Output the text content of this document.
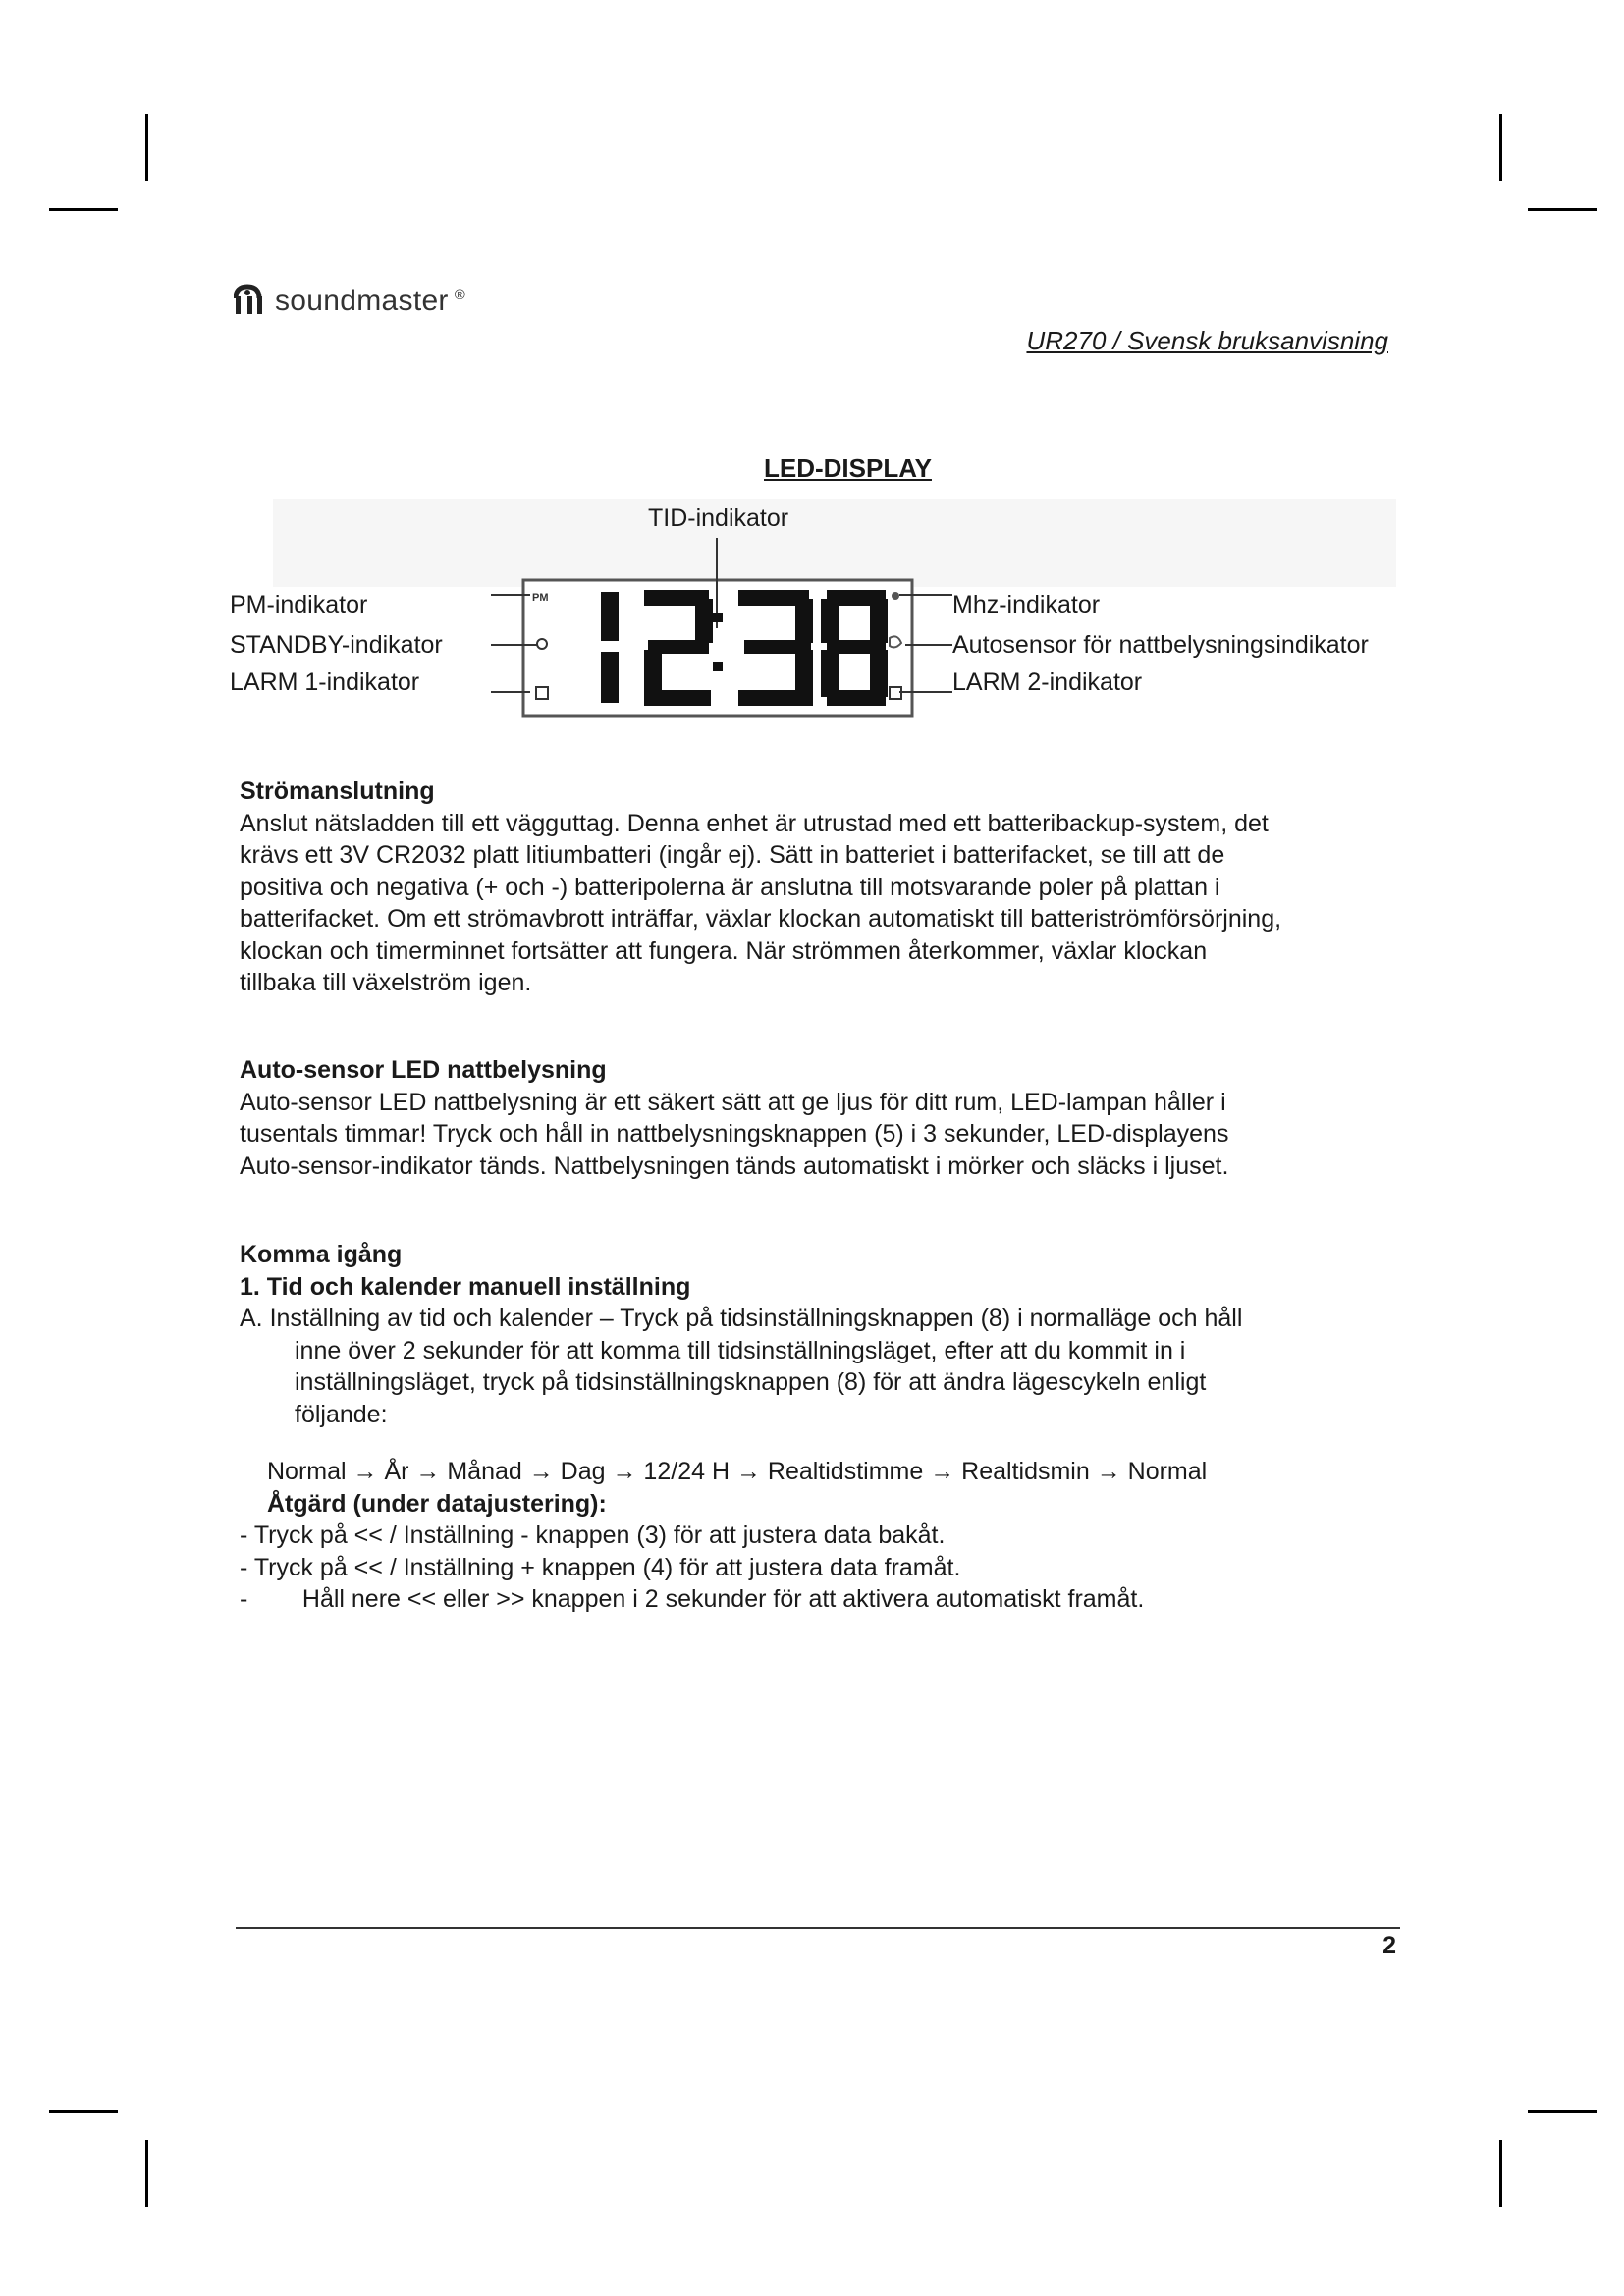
soundmaster ®
UR270 / Svensk bruksanvisning
LED-DISPLAY
TID-indikator
PM-indikator
STANDBY-indikator
LARM 1-indikator
Mhz-indikator
Autosensor för nattbelysningsindikator
LARM 2-indikator
PM
Strömanslutning

Anslut nätsladden till ett vägguttag. Denna enhet är utrustad med ett batteribackup-system, det

krävs ett 3V CR2032 platt litiumbatteri (ingår ej). Sätt in batteriet i batterifacket, se till att de

positiva och negativa (+ och -) batteripolerna är anslutna till motsvarande poler på plattan i

batterifacket. Om ett strömavbrott inträffar, växlar klockan automatiskt till batteriströmförsörjning,

klockan och timerminnet fortsätter att fungera. När strömmen återkommer, växlar klockan

tillbaka till växelström igen.

Auto-sensor LED nattbelysning

Auto-sensor LED nattbelysning är ett säkert sätt att ge ljus för ditt rum, LED-lampan håller i

tusentals timmar! Tryck och håll in nattbelysningsknappen (5) i 3 sekunder, LED-displayens

Auto-sensor-indikator tänds. Nattbelysningen tänds automatiskt i mörker och släcks i ljuset.

Komma igång
1. Tid och kalender manuell inställning

A. Inställning av tid och kalender – Tryck på tidsinställningsknappen (8) i normalläge och håll

inne över 2 sekunder för att komma till tidsinställningsläget, efter att du kommit in i

inställningsläget, tryck på tidsinställningsknappen (8) för att ändra lägescykeln enligt

följande:

Normal → År → Månad → Dag → 12/24 H → Realtidstimme → Realtidsmin → Normal

Åtgärd (under datajustering):

- Tryck på << / Inställning - knappen (3) för att justera data bakåt.

- Tryck på << / Inställning + knappen (4) för att justera data framåt.

-        Håll nere << eller >> knappen i 2 sekunder för att aktivera automatiskt framåt.

2
